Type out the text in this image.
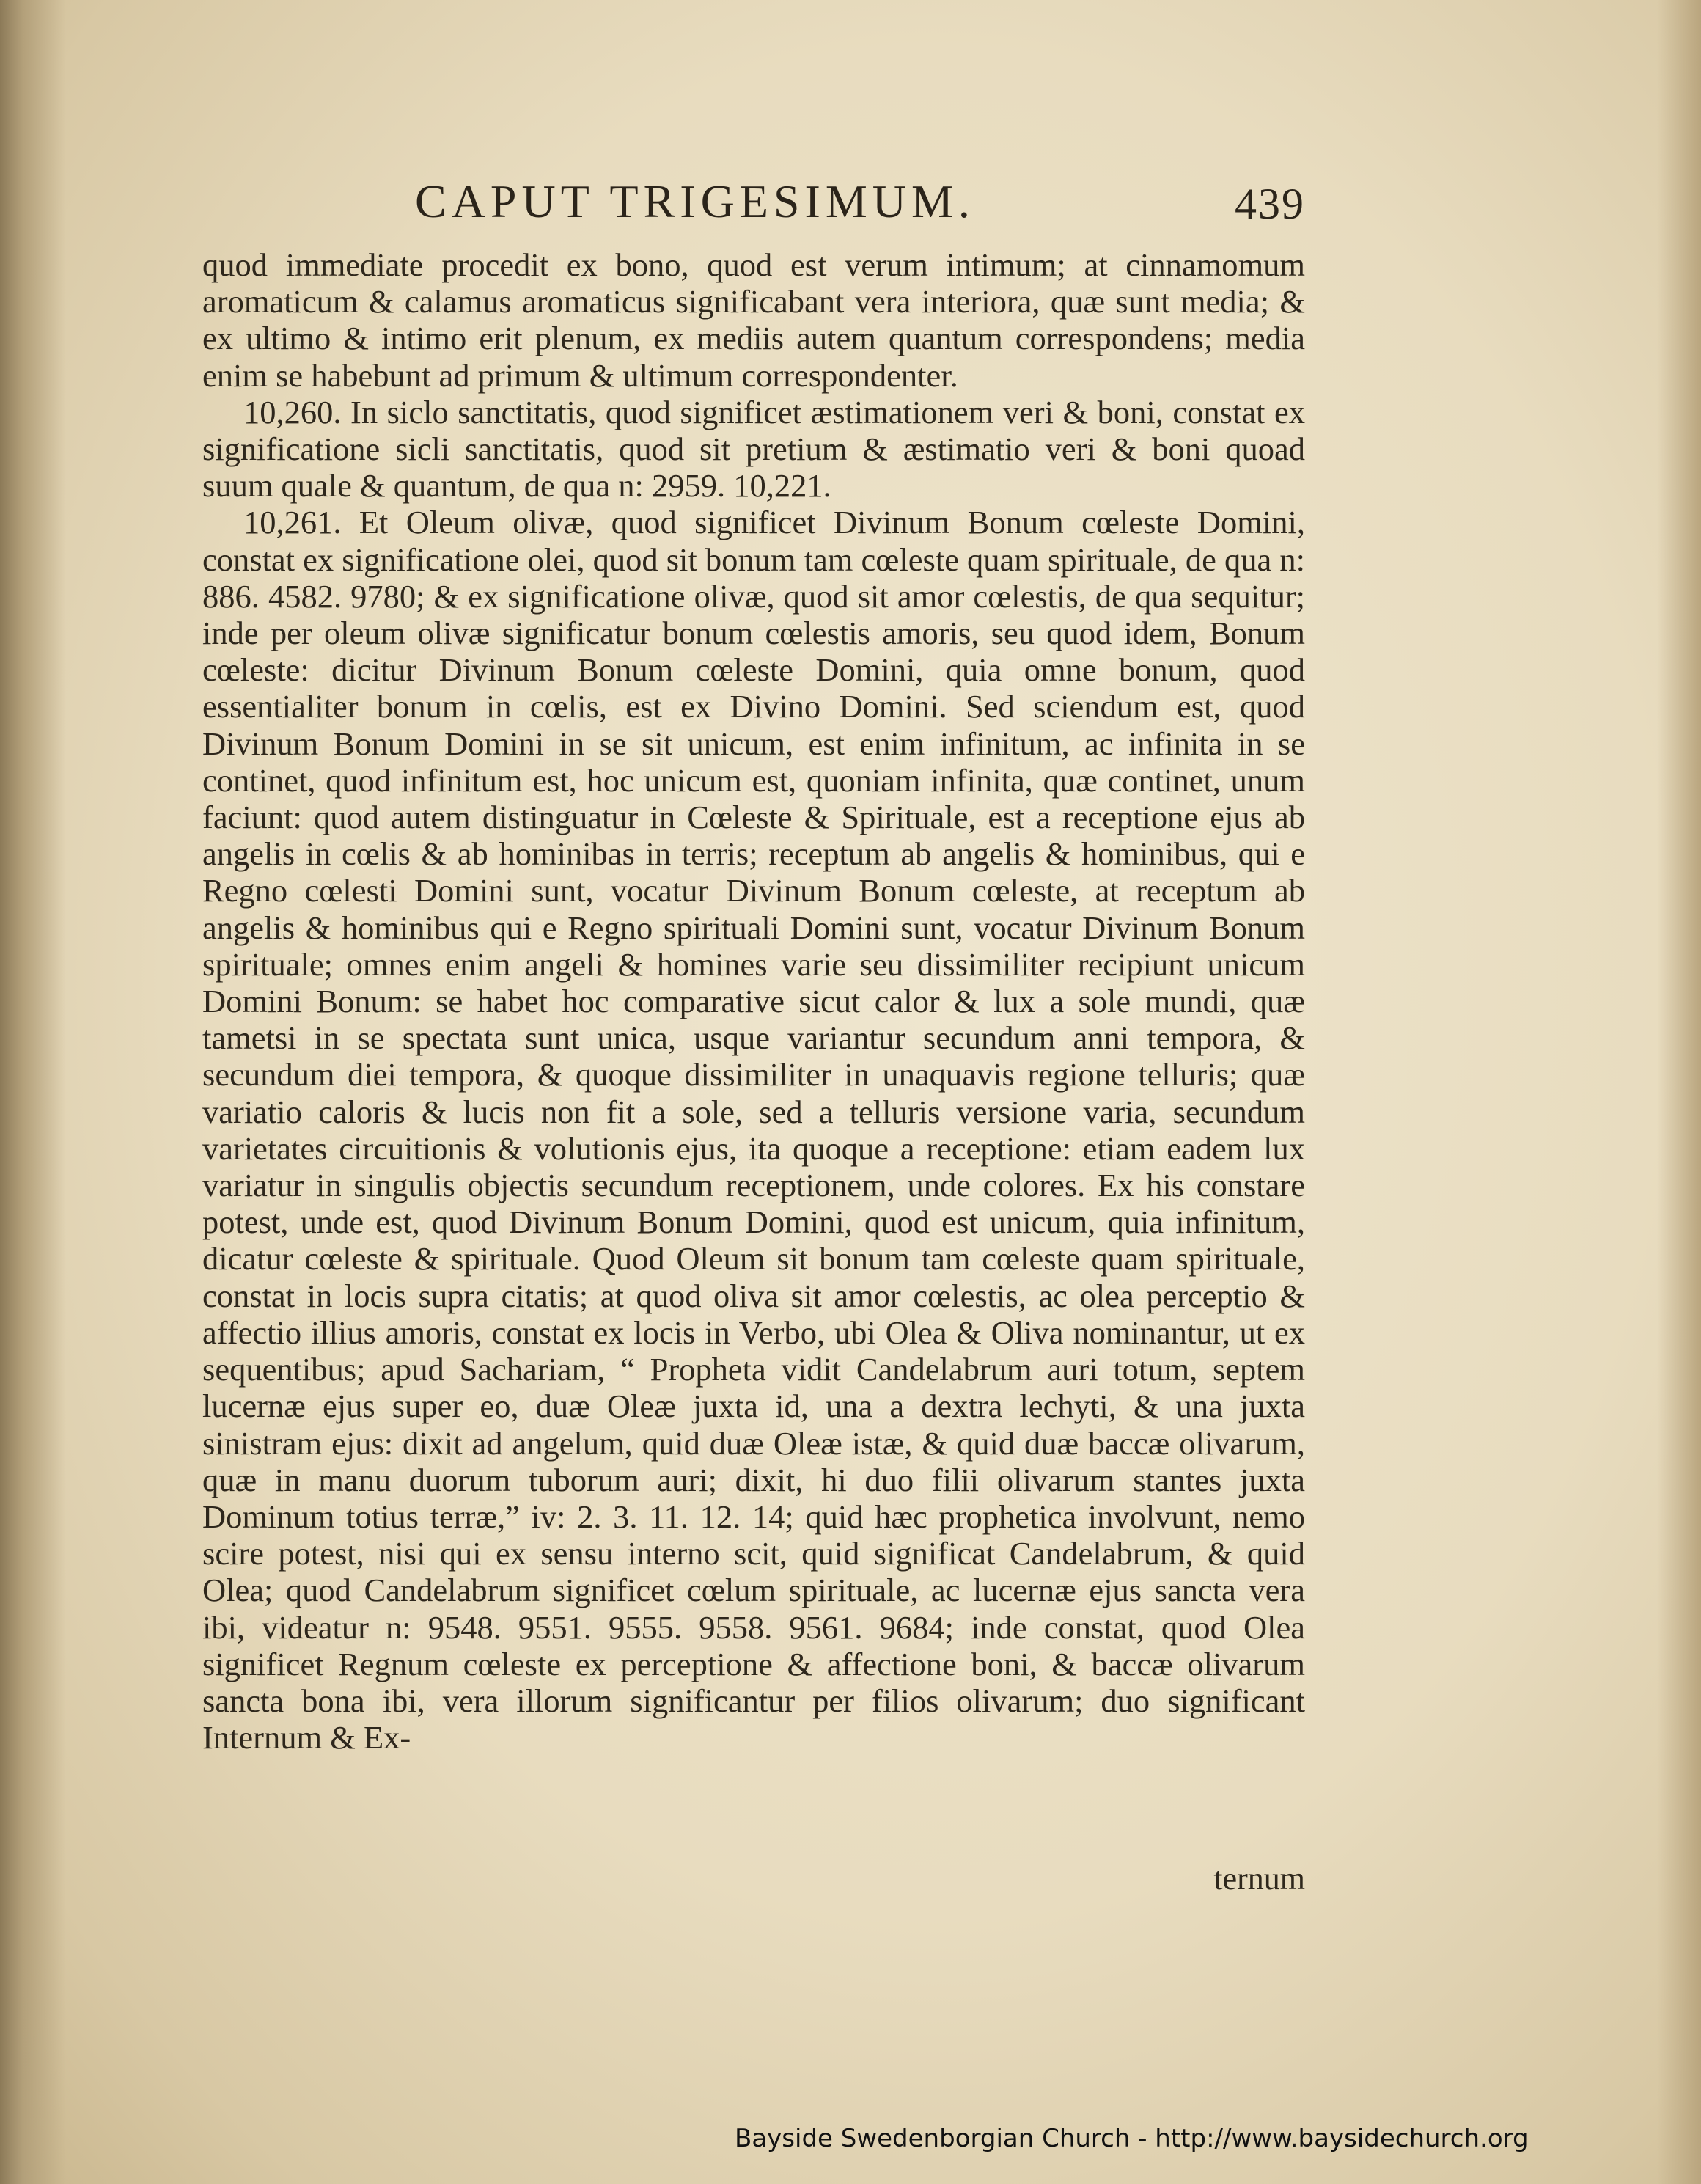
CAPUT TRIGESIMUM.	439

quod immediate procedit ex bono, quod est verum intimum; at cinnamomum aromaticum & calamus aromaticus significabant vera interiora, quæ sunt media; & ex ultimo & intimo erit plenum, ex mediis autem quantum correspondens; media enim se habebunt ad primum & ultimum correspondenter.

10,260. In siclo sanctitatis, quod significet æstimationem veri & boni, constat ex significatione sicli sanctitatis, quod sit pretium & æstimatio veri & boni quoad suum quale & quantum, de qua n: 2959. 10,221.

10,261. Et Oleum olivæ, quod significet Divinum Bonum cœleste Domini, constat ex significatione olei, quod sit bonum tam cœleste quam spirituale, de qua n: 886. 4582. 9780; & ex significatione olivæ, quod sit amor cœlestis, de qua sequitur; inde per oleum olivæ significatur bonum cœlestis amoris, seu quod idem, Bonum cœleste: dicitur Divinum Bonum cœleste Domini, quia omne bonum, quod essentialiter bonum in cœlis, est ex Divino Domini. Sed sciendum est, quod Divinum Bonum Domini in se sit unicum, est enim infinitum, ac infinita in se continet, quod infinitum est, hoc unicum est, quoniam infinita, quæ continet, unum faciunt: quod autem distinguatur in Cœleste & Spirituale, est a receptione ejus ab angelis in cœlis & ab hominibas in terris; receptum ab angelis & hominibus, qui e Regno cœlesti Domini sunt, vocatur Divinum Bonum cœleste, at receptum ab angelis & hominibus qui e Regno spirituali Domini sunt, vocatur Divinum Bonum spirituale; omnes enim angeli & homines varie seu dissimiliter recipiunt unicum Domini Bonum: se habet hoc comparative sicut calor & lux a sole mundi, quæ tametsi in se spectata sunt unica, usque variantur secundum anni tempora, & secundum diei tempora, & quoque dissimiliter in unaquavis regione telluris; quæ variatio caloris & lucis non fit a sole, sed a telluris versione varia, secundum varietates circuitionis & volutionis ejus, ita quoque a receptione: etiam eadem lux variatur in singulis objectis secundum receptionem, unde colores. Ex his constare potest, unde est, quod Divinum Bonum Domini, quod est unicum, quia infinitum, dicatur cœleste & spirituale. Quod Oleum sit bonum tam cœleste quam spirituale, constat in locis supra citatis; at quod oliva sit amor cœlestis, ac olea perceptio & affectio illius amoris, constat ex locis in Verbo, ubi Olea & Oliva nominantur, ut ex sequentibus; apud Sachariam, “ Propheta vidit Candelabrum auri totum, septem lucernæ ejus super eo, duæ Oleæ juxta id, una a dextra lechyti, & una juxta sinistram ejus: dixit ad angelum, quid duæ Oleæ istæ, & quid duæ baccæ olivarum, quæ in manu duorum tuborum auri; dixit, hi duo filii olivarum stantes juxta Dominum totius terræ,” iv: 2. 3. 11. 12. 14; quid hæc prophetica involvunt, nemo scire potest, nisi qui ex sensu interno scit, quid significat Candelabrum, & quid Olea; quod Candelabrum significet cœlum spirituale, ac lucernæ ejus sancta vera ibi, videatur n: 9548. 9551. 9555. 9558. 9561. 9684; inde constat, quod Olea significet Regnum cœleste ex perceptione & affectione boni, & baccæ olivarum sancta bona ibi, vera illorum significantur per filios olivarum; duo significant Internum & Ex-

ternum
Bayside Swedenborgian Church - http://www.baysidechurch.org
